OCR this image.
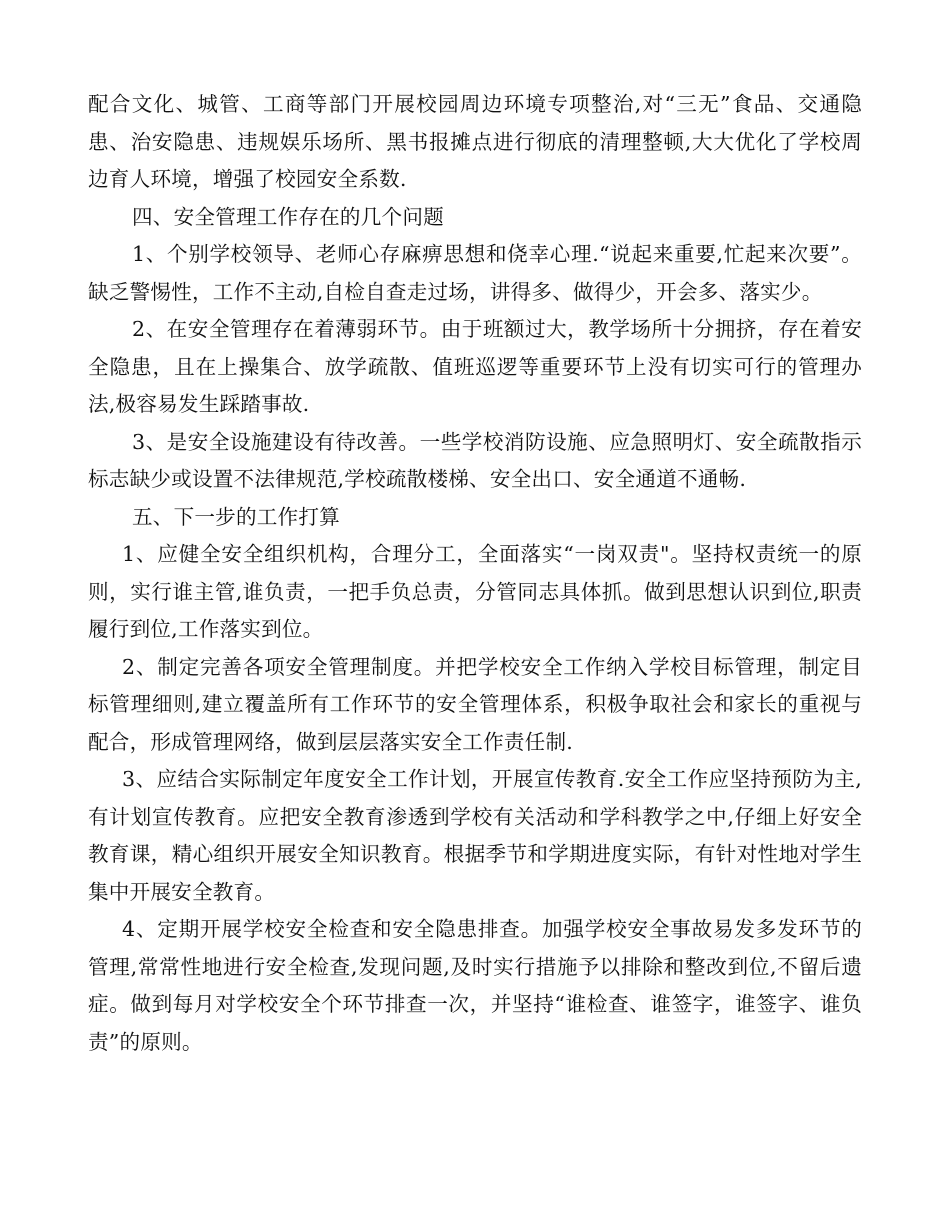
配合文化、城管、工商等部门开展校园周边环境专项整治,对“三无”食品、交通隐患、治安隐患、违规娱乐场所、黑书报摊点进行彻底的清理整顿,大大优化了学校周边育人环境，增强了校园安全系数.

四、安全管理工作存在的几个问题

1、个别学校领导、老师心存麻痹思想和侥幸心理.“说起来重要,忙起来次要”。缺乏警惕性，工作不主动,自检自查走过场，讲得多、做得少，开会多、落实少。

2、在安全管理存在着薄弱环节。由于班额过大，教学场所十分拥挤，存在着安全隐患，且在上操集合、放学疏散、值班巡逻等重要环节上没有切实可行的管理办法,极容易发生踩踏事故.

3、是安全设施建设有待改善。一些学校消防设施、应急照明灯、安全疏散指示标志缺少或设置不法律规范,学校疏散楼梯、安全出口、安全通道不通畅.

五、下一步的工作打算

1、应健全安全组织机构，合理分工，全面落实“一岗双责"。坚持权责统一的原则，实行谁主管,谁负责，一把手负总责，分管同志具体抓。做到思想认识到位,职责履行到位,工作落实到位。

2、制定完善各项安全管理制度。并把学校安全工作纳入学校目标管理，制定目标管理细则,建立覆盖所有工作环节的安全管理体系，积极争取社会和家长的重视与配合，形成管理网络，做到层层落实安全工作责任制.

3、应结合实际制定年度安全工作计划，开展宣传教育.安全工作应坚持预防为主,有计划宣传教育。应把安全教育渗透到学校有关活动和学科教学之中,仔细上好安全教育课，精心组织开展安全知识教育。根据季节和学期进度实际，有针对性地对学生集中开展安全教育。

4、定期开展学校安全检查和安全隐患排查。加强学校安全事故易发多发环节的管理,常常性地进行安全检查,发现问题,及时实行措施予以排除和整改到位,不留后遗症。做到每月对学校安全个环节排查一次，并坚持“谁检查、谁签字，谁签字、谁负责”的原则。
